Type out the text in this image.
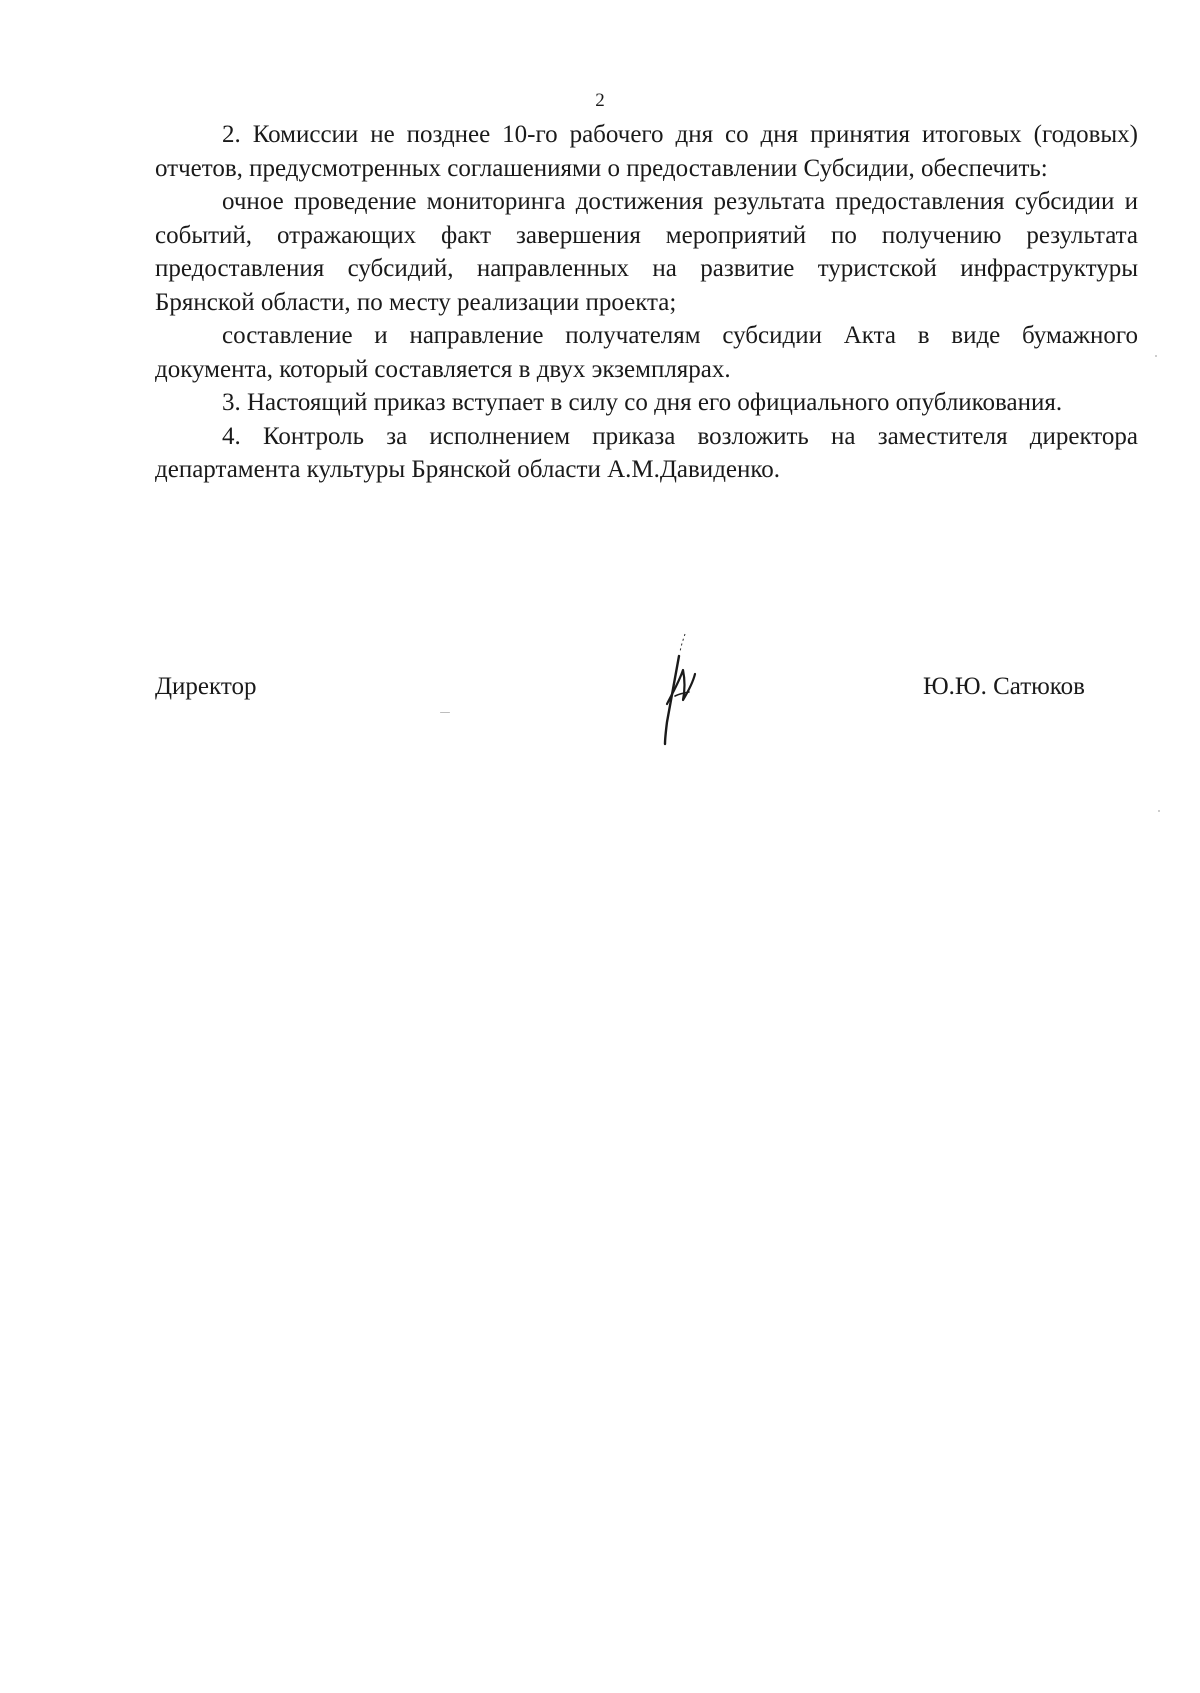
2

2. Комиссии не позднее 10-го рабочего дня со дня принятия итоговых (годовых) отчетов, предусмотренных соглашениями о предоставлении Субсидии, обеспечить:

очное проведение мониторинга достижения результата предоставления субсидии и событий, отражающих факт завершения мероприятий по получению результата предоставления субсидий, направленных на развитие туристской инфраструктуры Брянской области, по месту реализации проекта;

составление и направление получателям субсидии Акта в виде бумажного документа, который составляется в двух экземплярах.

3. Настоящий приказ вступает в силу со дня его официального опубликования.

4. Контроль за исполнением приказа возложить на заместителя директора департамента культуры Брянской области А.М.Давиденко.

Директор	Ю.Ю. Сатюков
